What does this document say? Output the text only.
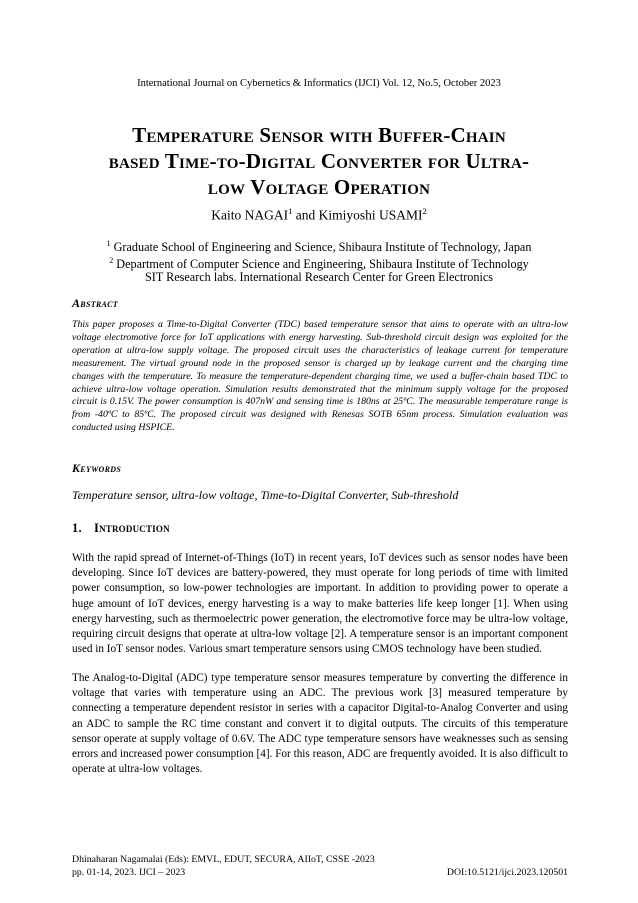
International Journal on Cybernetics & Informatics (IJCI) Vol. 12, No.5, October 2023
Temperature Sensor with Buffer-Chain
based Time-to-Digital Converter for Ultra-
low Voltage Operation
Kaito NAGAI$^1$ and Kimiyoshi USAMI$^2$
$^1$ Graduate School of Engineering and Science, Shibaura Institute of Technology, Japan
$^2$ Department of Computer Science and Engineering, Shibaura Institute of Technology
SIT Research labs. International Research Center for Green Electronics
Abstract
This paper proposes a Time-to-Digital Converter (TDC) based temperature sensor that aims to operate with an ultra-low voltage electromotive force for IoT applications with energy harvesting. Sub-threshold circuit design was exploited for the operation at ultra-low supply voltage. The proposed circuit uses the characteristics of leakage current for temperature measurement. The virtual ground node in the proposed sensor is charged up by leakage current and the charging time changes with the temperature. To measure the temperature-dependent charging time, we used a buffer-chain based TDC to achieve ultra-low voltage operation. Simulation results demonstrated that the minimum supply voltage for the proposed circuit is 0.15V. The power consumption is 407nW and sensing time is 180ns at 25ºC. The measurable temperature range is from -40ºC to 85ºC. The proposed circuit was designed with Renesas SOTB 65nm process. Simulation evaluation was conducted using HSPICE.
Keywords
Temperature sensor, ultra-low voltage, Time-to-Digital Converter, Sub-threshold
1. Introduction
With the rapid spread of Internet-of-Things (IoT) in recent years, IoT devices such as sensor nodes have been developing. Since IoT devices are battery-powered, they must operate for long periods of time with limited power consumption, so low-power technologies are important. In addition to providing power to operate a huge amount of IoT devices, energy harvesting is a way to make batteries life keep longer [1]. When using energy harvesting, such as thermoelectric power generation, the electromotive force may be ultra-low voltage, requiring circuit designs that operate at ultra-low voltage [2]. A temperature sensor is an important component used in IoT sensor nodes. Various smart temperature sensors using CMOS technology have been studied.
The Analog-to-Digital (ADC) type temperature sensor measures temperature by converting the difference in voltage that varies with temperature using an ADC. The previous work [3] measured temperature by connecting a temperature dependent resistor in series with a capacitor Digital-to-Analog Converter and using an ADC to sample the RC time constant and convert it to digital outputs. The circuits of this temperature sensor operate at supply voltage of 0.6V. The ADC type temperature sensors have weaknesses such as sensing errors and increased power consumption [4]. For this reason, ADC are frequently avoided. It is also difficult to operate at ultra-low voltages.
Dhinaharan Nagamalai (Eds): EMVL, EDUT, SECURA, AIIoT, CSSE -2023
pp. 01-14, 2023. IJCI – 2023	DOI:10.5121/ijci.2023.120501
